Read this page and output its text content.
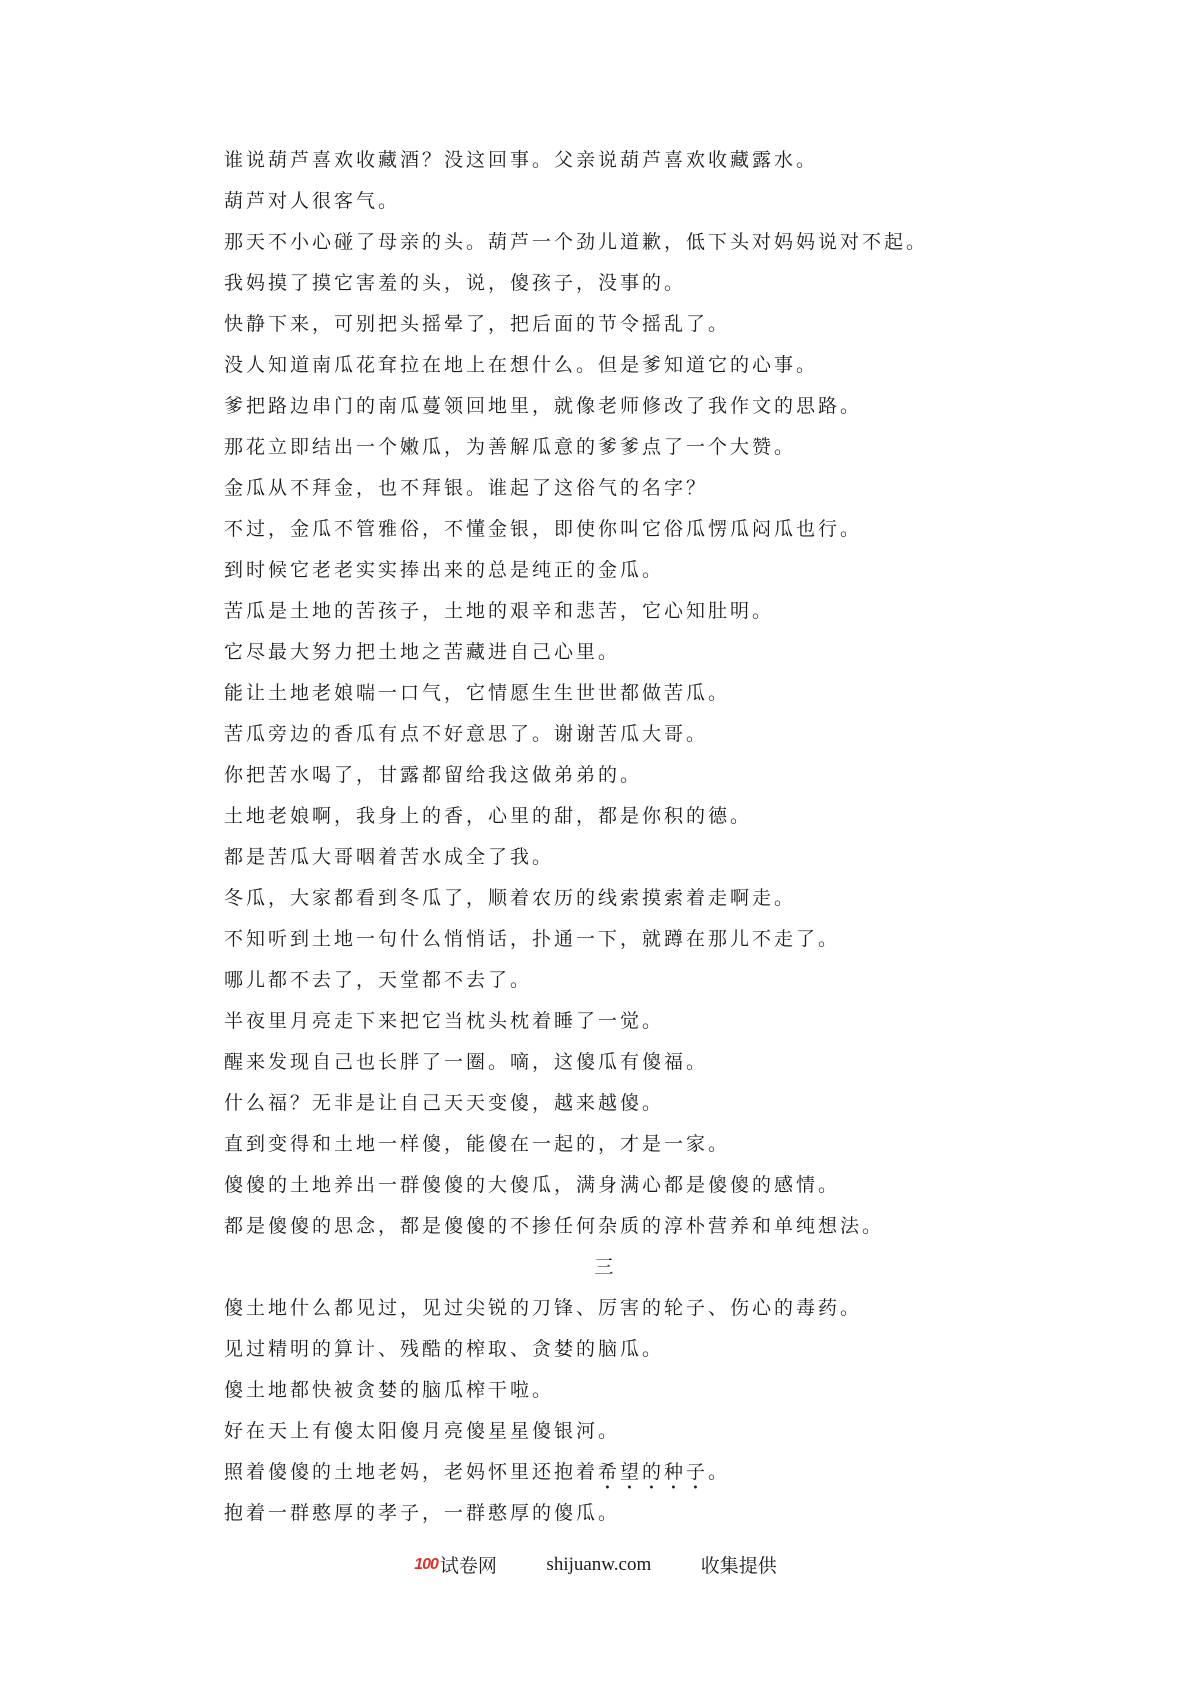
谁说葫芦喜欢收藏酒？没这回事。父亲说葫芦喜欢收藏露水。
葫芦对人很客气。
那天不小心碰了母亲的头。葫芦一个劲儿道歉，低下头对妈妈说对不起。
我妈摸了摸它害羞的头，说，傻孩子，没事的。
快静下来，可别把头摇晕了，把后面的节令摇乱了。
没人知道南瓜花耷拉在地上在想什么。但是爹知道它的心事。
爹把路边串门的南瓜蔓领回地里，就像老师修改了我作文的思路。
那花立即结出一个嫩瓜，为善解瓜意的爹爹点了一个大赞。
金瓜从不拜金，也不拜银。谁起了这俗气的名字？
不过，金瓜不管雅俗，不懂金银，即使你叫它俗瓜愣瓜闷瓜也行。
到时候它老老实实捧出来的总是纯正的金瓜。
苦瓜是土地的苦孩子，土地的艰辛和悲苦，它心知肚明。
它尽最大努力把土地之苦藏进自己心里。
能让土地老娘喘一口气，它情愿生生世世都做苦瓜。
苦瓜旁边的香瓜有点不好意思了。谢谢苦瓜大哥。
你把苦水喝了，甘露都留给我这做弟弟的。
土地老娘啊，我身上的香，心里的甜，都是你积的德。
都是苦瓜大哥咽着苦水成全了我。
冬瓜，大家都看到冬瓜了，顺着农历的线索摸索着走啊走。
不知听到土地一句什么悄悄话，扑通一下，就蹲在那儿不走了。
哪儿都不去了，天堂都不去了。
半夜里月亮走下来把它当枕头枕着睡了一觉。
醒来发现自己也长胖了一圈。嘀，这傻瓜有傻福。
什么福？无非是让自己天天变傻，越来越傻。
直到变得和土地一样傻，能傻在一起的，才是一家。
傻傻的土地养出一群傻傻的大傻瓜，满身满心都是傻傻的感情。
都是傻傻的思念，都是傻傻的不掺任何杂质的淳朴营养和单纯想法。
三
傻土地什么都见过，见过尖锐的刀锋、厉害的轮子、伤心的毒药。
见过精明的算计、残酷的榨取、贪婪的脑瓜。
傻土地都快被贪婪的脑瓜榨干啦。
好在天上有傻太阳傻月亮傻星星傻银河。
照着傻傻的土地老妈，老妈怀里还抱着希望的种子。
抱着一群憨厚的孝子，一群憨厚的傻瓜。
100 试卷网	shijuanw.com	收集提供
